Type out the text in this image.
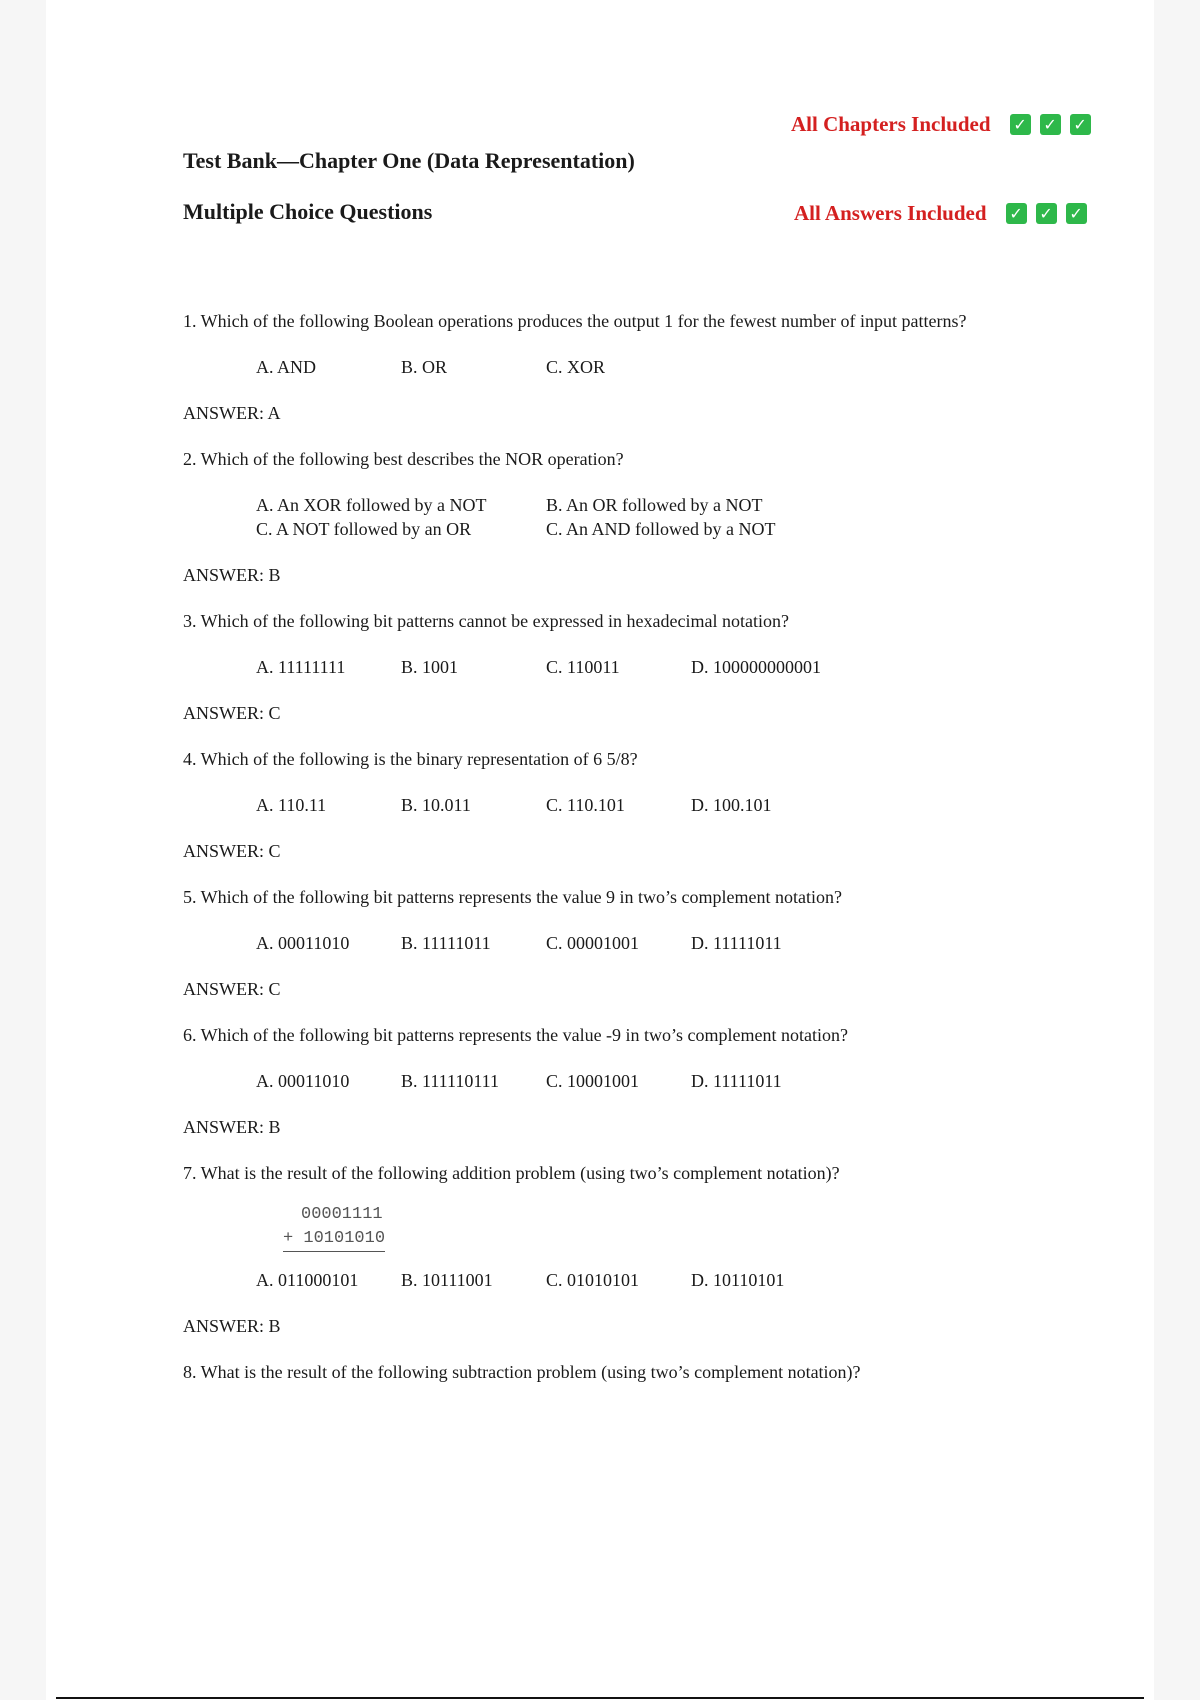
All Chapters Included ✓ ✓ ✓
Test Bank—Chapter One (Data Representation)
Multiple Choice Questions	All Answers Included ✓ ✓ ✓
1. Which of the following Boolean operations produces the output 1 for the fewest number of input patterns?
A. AND	B. OR	C. XOR
ANSWER: A
2. Which of the following best describes the NOR operation?
A. An XOR followed by a NOT	B. An OR followed by a NOT
C. A NOT followed by an OR	C. An AND followed by a NOT
ANSWER: B
3. Which of the following bit patterns cannot be expressed in hexadecimal notation?
A. 11111111	B. 1001	C. 110011	D. 100000000001
ANSWER: C
4. Which of the following is the binary representation of 6 5/8?
A. 110.11	B. 10.011	C. 110.101	D. 100.101
ANSWER: C
5. Which of the following bit patterns represents the value 9 in two’s complement notation?
A. 00011010	B. 11111011	C. 00001001	D. 11111011
ANSWER: C
6. Which of the following bit patterns represents the value -9 in two’s complement notation?
A. 00011010	B. 111110111	C. 10001001	D. 11111011
ANSWER: B
7. What is the result of the following addition problem (using two’s complement notation)?
00001111
+ 10101010
A. 011000101	B. 10111001	C. 01010101	D. 10110101
ANSWER: B
8. What is the result of the following subtraction problem (using two’s complement notation)?
